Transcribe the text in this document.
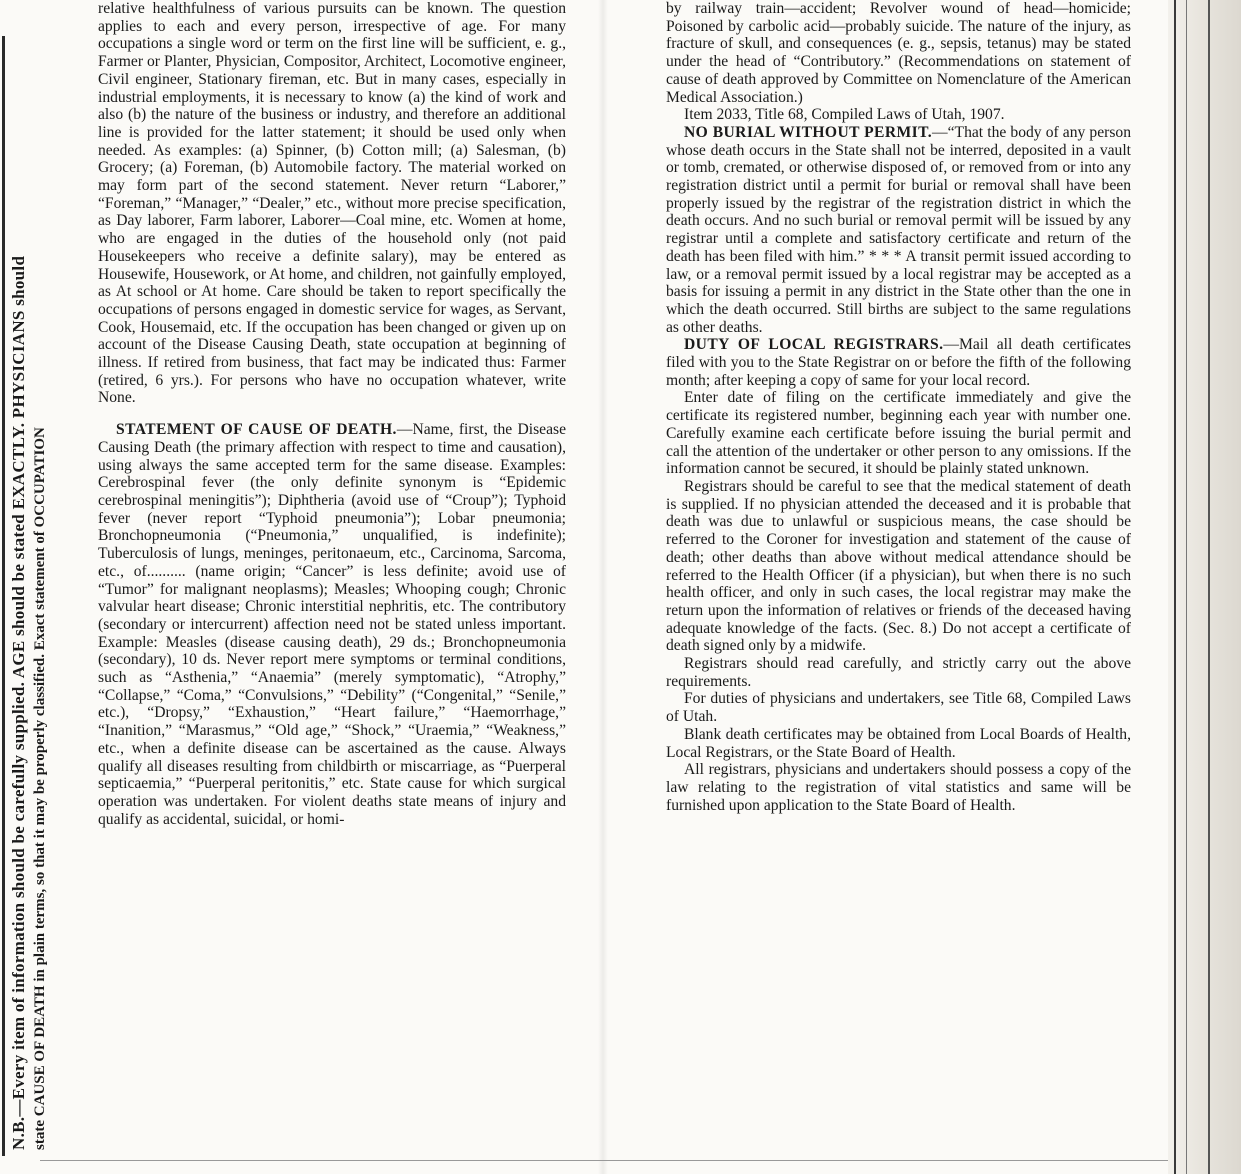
N.B.—Every item of information should be carefully supplied. AGE should be stated EXACTLY. PHYSICIANS should state CAUSE OF DEATH in plain terms, so that it may be properly classified. Exact statement of OCCUPATION

relative healthfulness of various pursuits can be known. The question applies to each and every person, irrespective of age. For many occupations a single word or term on the first line will be sufficient, e. g., Farmer or Planter, Physician, Compositor, Architect, Locomotive engineer, Civil engineer, Stationary fireman, etc. But in many cases, especially in industrial employments, it is necessary to know (a) the kind of work and also (b) the nature of the business or industry, and therefore an additional line is provided for the latter statement; it should be used only when needed. As examples: (a) Spinner, (b) Cotton mill; (a) Salesman, (b) Grocery; (a) Foreman, (b) Automobile factory. The material worked on may form part of the second statement. Never return “Laborer,” “Foreman,” “Manager,” “Dealer,” etc., without more precise specification, as Day laborer, Farm laborer, Laborer—Coal mine, etc. Women at home, who are engaged in the duties of the household only (not paid Housekeepers who receive a definite salary), may be entered as Housewife, Housework, or At home, and children, not gainfully employed, as At school or At home. Care should be taken to report specifically the occupations of persons engaged in domestic service for wages, as Servant, Cook, Housemaid, etc. If the occupation has been changed or given up on account of the Disease Causing Death, state occupation at beginning of illness. If retired from business, that fact may be indicated thus: Farmer (retired, 6 yrs.). For persons who have no occupation whatever, write None.

STATEMENT OF CAUSE OF DEATH.—Name, first, the Disease Causing Death (the primary affection with respect to time and causation), using always the same accepted term for the same disease. Examples: Cerebrospinal fever (the only definite synonym is “Epidemic cerebrospinal meningitis”); Diphtheria (avoid use of “Croup”); Typhoid fever (never report “Typhoid pneumonia”); Lobar pneumonia; Bronchopneumonia (“Pneumonia,” unqualified, is indefinite); Tuberculosis of lungs, meninges, peritonaeum, etc., Carcinoma, Sarcoma, etc., of.......... (name origin; “Cancer” is less definite; avoid use of “Tumor” for malignant neoplasms); Measles; Whooping cough; Chronic valvular heart disease; Chronic interstitial nephritis, etc. The contributory (secondary or intercurrent) affection need not be stated unless important. Example: Measles (disease causing death), 29 ds.; Bronchopneumonia (secondary), 10 ds. Never report mere symptoms or terminal conditions, such as “Asthenia,” “Anaemia” (merely symptomatic), “Atrophy,” “Collapse,” “Coma,” “Convulsions,” “Debility” (“Congenital,” “Senile,” etc.), “Dropsy,” “Exhaustion,” “Heart failure,” “Haemorrhage,” “Inanition,” “Marasmus,” “Old age,” “Shock,” “Uraemia,” “Weakness,” etc., when a definite disease can be ascertained as the cause. Always qualify all diseases resulting from childbirth or miscarriage, as “Puerperal septicaemia,” “Puerperal peritonitis,” etc. State cause for which surgical operation was undertaken. For violent deaths state means of injury and qualify as accidental, suicidal, or homi-

by railway train—accident; Revolver wound of head—homicide; Poisoned by carbolic acid—probably suicide. The nature of the injury, as fracture of skull, and consequences (e. g., sepsis, tetanus) may be stated under the head of “Contributory.” (Recommendations on statement of cause of death approved by Committee on Nomenclature of the American Medical Association.)

Item 2033, Title 68, Compiled Laws of Utah, 1907.

NO BURIAL WITHOUT PERMIT.—“That the body of any person whose death occurs in the State shall not be interred, deposited in a vault or tomb, cremated, or otherwise disposed of, or removed from or into any registration district until a permit for burial or removal shall have been properly issued by the registrar of the registration district in which the death occurs. And no such burial or removal permit will be issued by any registrar until a complete and satisfactory certificate and return of the death has been filed with him.” * * * A transit permit issued according to law, or a removal permit issued by a local registrar may be accepted as a basis for issuing a permit in any district in the State other than the one in which the death occurred. Still births are subject to the same regulations as other deaths.

DUTY OF LOCAL REGISTRARS.—Mail all death certificates filed with you to the State Registrar on or before the fifth of the following month; after keeping a copy of same for your local record.

Enter date of filing on the certificate immediately and give the certificate its registered number, beginning each year with number one. Carefully examine each certificate before issuing the burial permit and call the attention of the undertaker or other person to any omissions. If the information cannot be secured, it should be plainly stated unknown.

Registrars should be careful to see that the medical statement of death is supplied. If no physician attended the deceased and it is probable that death was due to unlawful or suspicious means, the case should be referred to the Coroner for investigation and statement of the cause of death; other deaths than above without medical attendance should be referred to the Health Officer (if a physician), but when there is no such health officer, and only in such cases, the local registrar may make the return upon the information of relatives or friends of the deceased having adequate knowledge of the facts. (Sec. 8.) Do not accept a certificate of death signed only by a midwife.

Registrars should read carefully, and strictly carry out the above requirements.

For duties of physicians and undertakers, see Title 68, Compiled Laws of Utah.

Blank death certificates may be obtained from Local Boards of Health, Local Registrars, or the State Board of Health.

All registrars, physicians and undertakers should possess a copy of the law relating to the registration of vital statistics and same will be furnished upon application to the State Board of Health.
